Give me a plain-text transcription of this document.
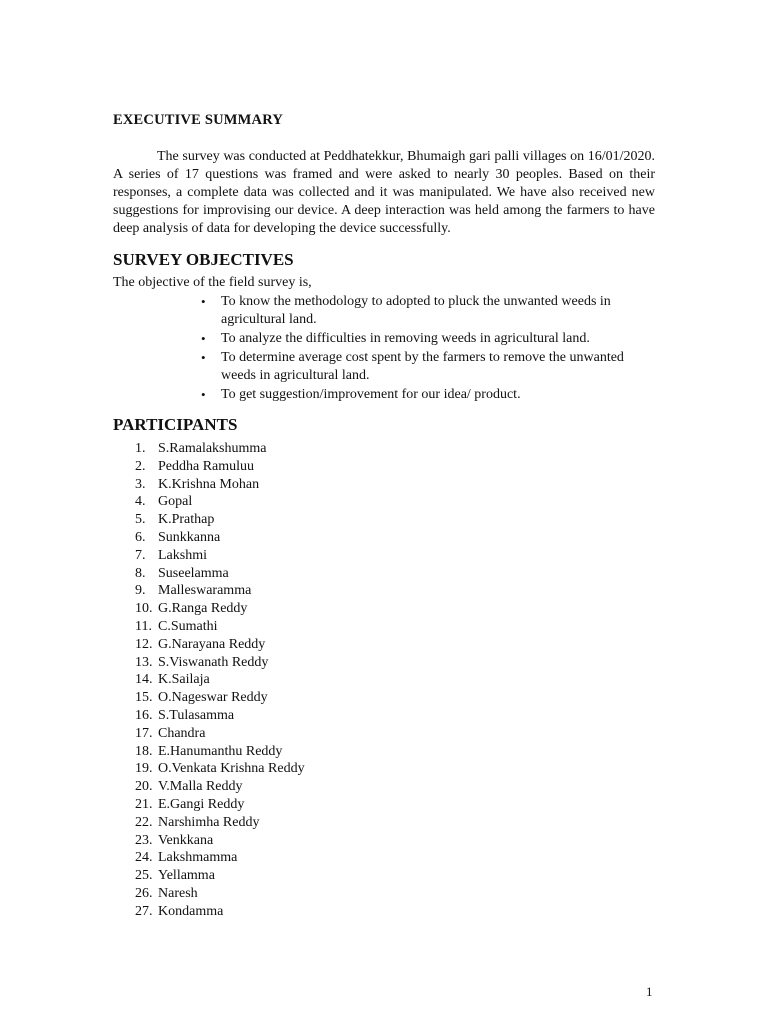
EXECUTIVE SUMMARY

The survey was conducted at Peddhatekkur, Bhumaigh gari palli villages on 16/01/2020. A series of 17 questions was framed and were asked to nearly 30 peoples. Based on their responses, a complete data was collected and it was manipulated. We have also received new suggestions for improvising our device. A deep interaction was held among the farmers to have deep analysis of data for developing the device successfully.

SURVEY OBJECTIVES
The objective of the field survey is,
• To know the methodology to adopted to pluck the unwanted weeds in agricultural land.
• To analyze the difficulties in removing weeds in agricultural land.
• To determine average cost spent by the farmers to remove the unwanted weeds in agricultural land.
• To get suggestion/improvement for our idea/ product.
PARTICIPANTS
1. S.Ramalakshumma
2. Peddha Ramuluu
3. K.Krishna Mohan
4. Gopal
5. K.Prathap
6. Sunkkanna
7. Lakshmi
8. Suseelamma
9. Malleswaramma
10. G.Ranga Reddy
11. C.Sumathi
12. G.Narayana Reddy
13. S.Viswanath Reddy
14. K.Sailaja
15. O.Nageswar Reddy
16. S.Tulasamma
17. Chandra
18. E.Hanumanthu Reddy
19. O.Venkata Krishna Reddy
20. V.Malla Reddy
21. E.Gangi Reddy
22. Narshimha Reddy
23. Venkkana
24. Lakshmamma
25. Yellamma
26. Naresh
27. Kondamma
1
